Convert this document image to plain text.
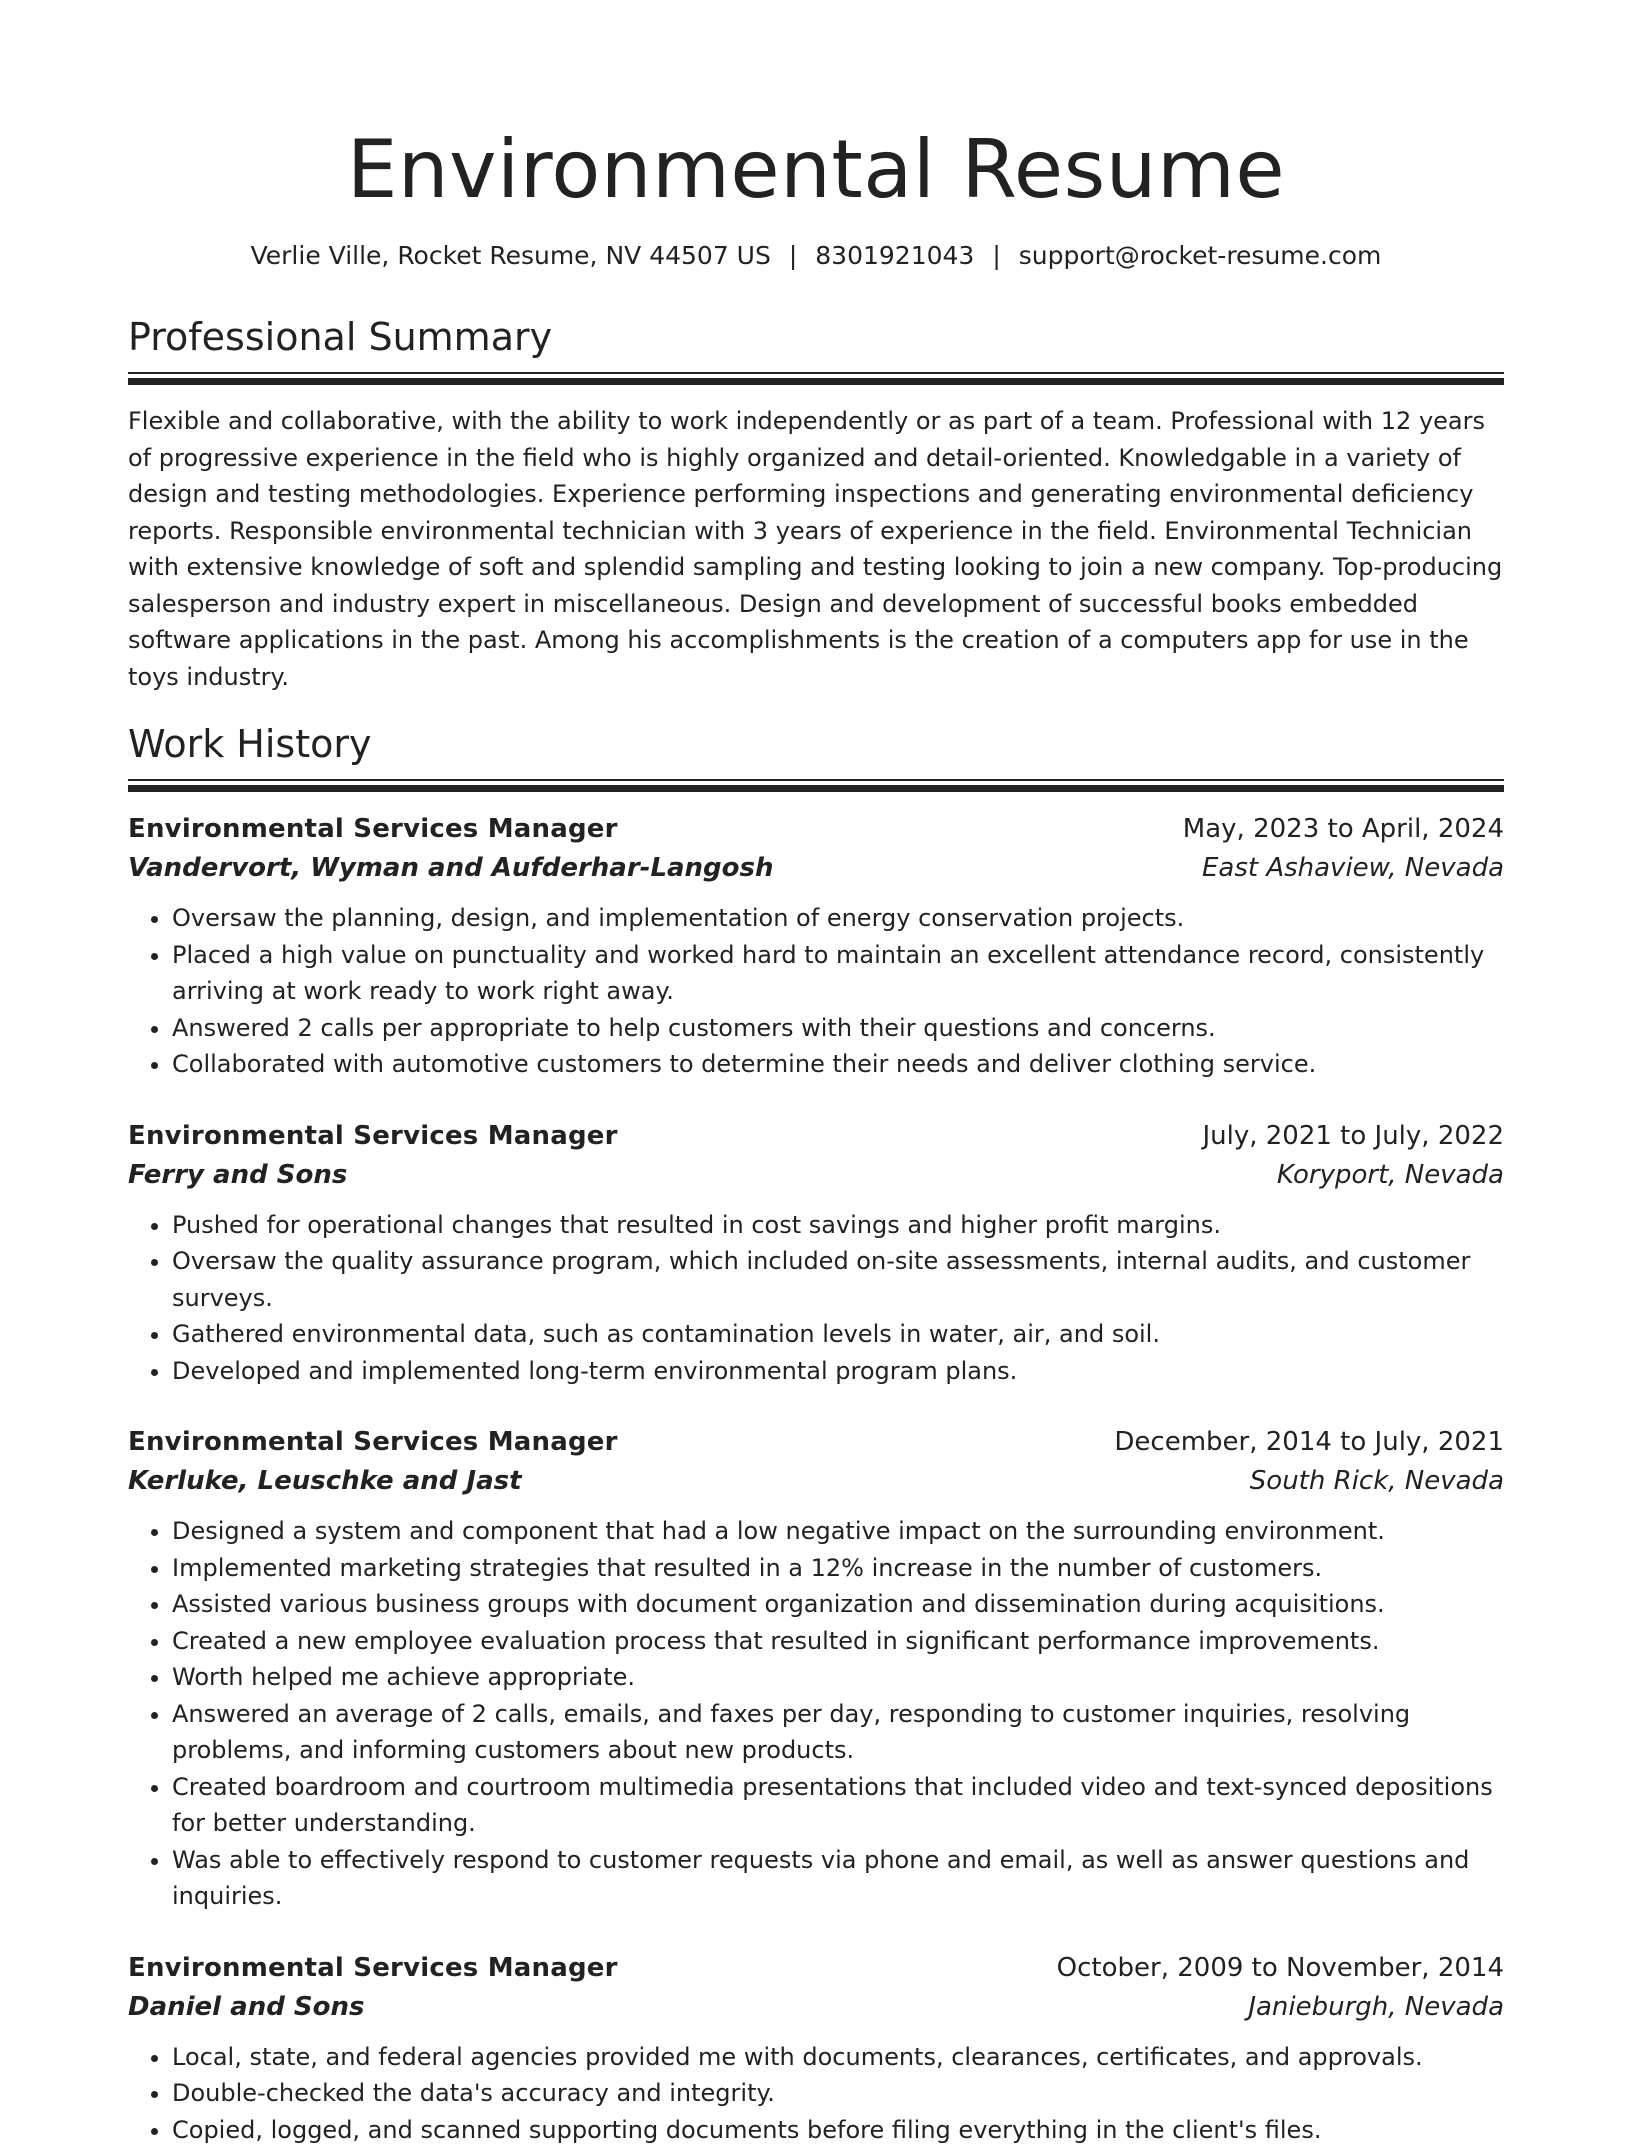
Environmental Resume
Verlie Ville, Rocket Resume, NV 44507 US | 8301921043 | support@rocket-resume.com
Professional Summary

Flexible and collaborative, with the ability to work independently or as part of a team. Professional with 12 years of progressive experience in the field who is highly organized and detail-oriented. Knowledgable in a variety of design and testing methodologies. Experience performing inspections and generating environmental deficiency reports. Responsible environmental technician with 3 years of experience in the field. Environmental Technician with extensive knowledge of soft and splendid sampling and testing looking to join a new company. Top-producing salesperson and industry expert in miscellaneous. Design and development of successful books embedded software applications in the past. Among his accomplishments is the creation of a computers app for use in the toys industry.

Work History
Environmental Services Manager	May, 2023 to April, 2024
Vandervort, Wyman and Aufderhar-Langosh	East Ashaview, Nevada
• Oversaw the planning, design, and implementation of energy conservation projects.
• Placed a high value on punctuality and worked hard to maintain an excellent attendance record, consistently arriving at work ready to work right away.
• Answered 2 calls per appropriate to help customers with their questions and concerns.
• Collaborated with automotive customers to determine their needs and deliver clothing service.
Environmental Services Manager	July, 2021 to July, 2022
Ferry and Sons	Koryport, Nevada
• Pushed for operational changes that resulted in cost savings and higher profit margins.
• Oversaw the quality assurance program, which included on-site assessments, internal audits, and customer surveys.
• Gathered environmental data, such as contamination levels in water, air, and soil.
• Developed and implemented long-term environmental program plans.
Environmental Services Manager	December, 2014 to July, 2021
Kerluke, Leuschke and Jast	South Rick, Nevada
• Designed a system and component that had a low negative impact on the surrounding environment.
• Implemented marketing strategies that resulted in a 12% increase in the number of customers.
• Assisted various business groups with document organization and dissemination during acquisitions.
• Created a new employee evaluation process that resulted in significant performance improvements.
• Worth helped me achieve appropriate.
• Answered an average of 2 calls, emails, and faxes per day, responding to customer inquiries, resolving problems, and informing customers about new products.
• Created boardroom and courtroom multimedia presentations that included video and text-synced depositions for better understanding.
• Was able to effectively respond to customer requests via phone and email, as well as answer questions and inquiries.
Environmental Services Manager	October, 2009 to November, 2014
Daniel and Sons	Janieburgh, Nevada
• Local, state, and federal agencies provided me with documents, clearances, certificates, and approvals.
• Double-checked the data's accuracy and integrity.
• Copied, logged, and scanned supporting documents before filing everything in the client's files.
